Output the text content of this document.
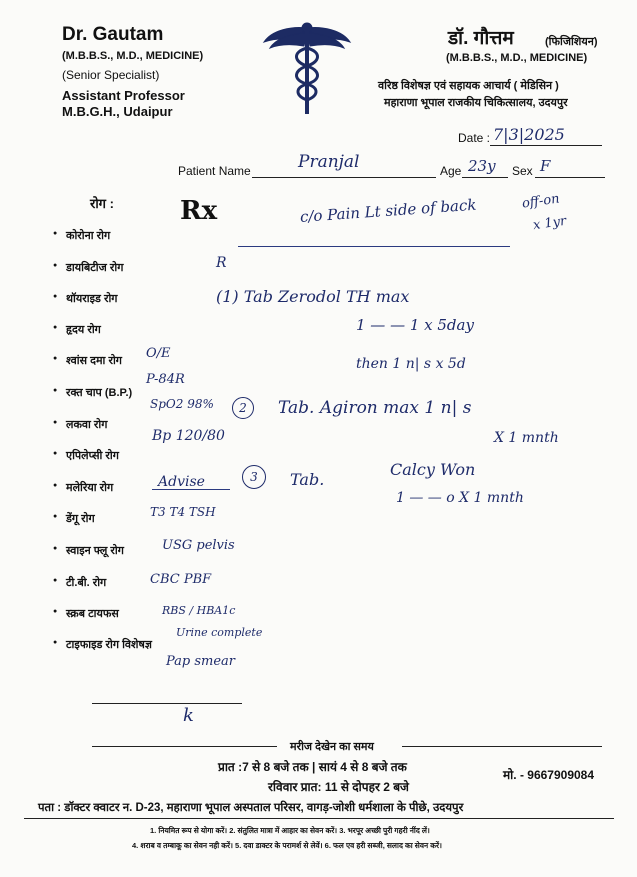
Dr. Gautam
(M.B.B.S., M.D., MEDICINE)
(Senior Specialist)
Assistant Professor
M.B.G.H., Udaipur
डॉ. गौत्तम	(फिजिशियन)
(M.B.B.S., M.D., MEDICINE)
वरिष्ठ विशेषज्ञ एवं सहायक आचार्य ( मेडिसिन )
महाराणा भूपाल राजकीय चिकित्सालय, उदयपुर
Date : 7|3|2025
Patient Name	Pranjal	Age 23y Sex F
Rx
रोग :
● कोरोना रोग
● डायबिटीज रोग
● थॉयराइड रोग
● हृदय रोग
● श्वांस दमा रोग
● रक्त चाप (B.P.)
● लकवा रोग
● एपिलेप्सी रोग
● मलेरिया रोग
● डेंगू रोग
● स्वाइन फ्लू रोग
● टी.बी. रोग
● स्क्रब टायफस
● टाइफाइड रोग विशेषज्ञ
c/o Pain Lt side of back	off-on
x 1yr
R
(1) Tab Zerodol TH max
1 — — 1 x 5day
then 1 n| s x 5d
O/E
P-84R
SpO2 98%
Bp 120/80
2	Tab. Agiron max 1 n| s
X 1 mnth
3	Tab.
Calcy Won
1 — — o X 1 mnth
Advise
T3 T4 TSH
USG pelvis
CBC PBF
RBS / HBA1c
Urine complete
Pap smear
k
मरीज देखेन का समय
प्रात :7 से 8 बजे तक | सायं 4 से 8 बजे तक
रविवार प्रात: 11 से दोपहर 2 बजे
मो. - 9667909084
पता : डॉक्टर क्वाटर न. D-23, महाराणा भूपाल अस्पताल परिसर, वागड़-जोशी धर्मशाला के पीछे, उदयपुर
1. नियमित रूप से योगा करें। 2. संतुलित मात्रा में आहार का सेवन करें। 3. भरपूर अच्छी पुरी गहरी नींद लें।
4. शराब व तम्बाकू का सेवन नही करें। 5. दवा डाक्टर के परामर्श से लेवें। 6. फल एव हरी सब्जी, सलाद का सेवन करें।
